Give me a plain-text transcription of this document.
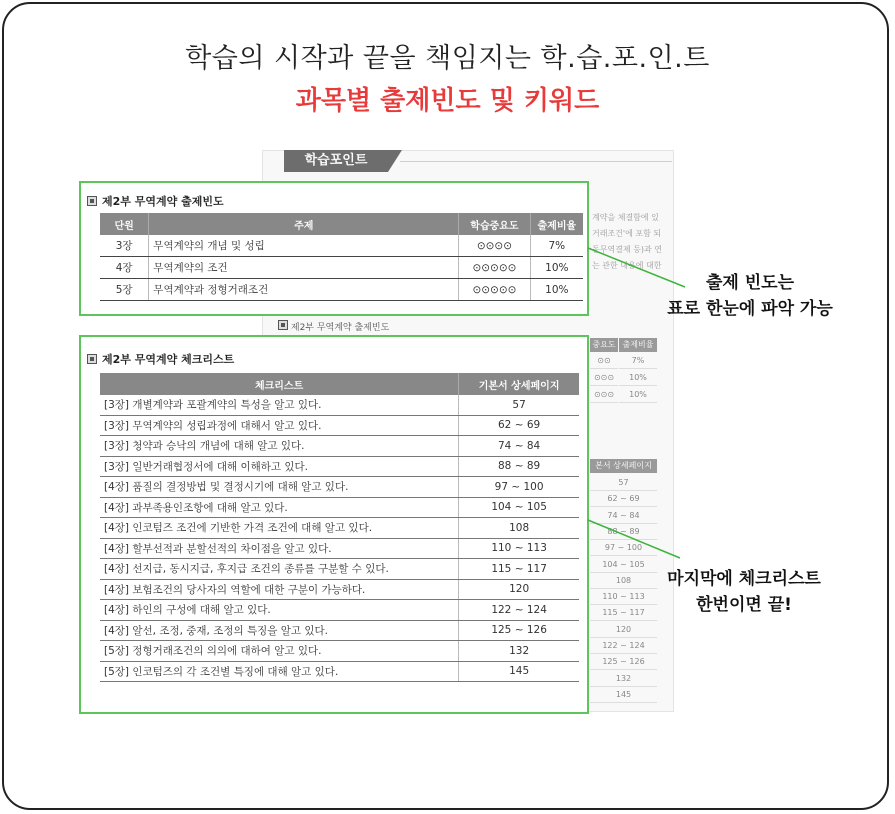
학습의 시작과 끝을 책임지는 학.습.포.인.트
과목별 출제빈도 및 키워드
학습포인트
계약을 체결함에 있
거래조건'에 포함 되
동무역결제 등)과 연
는 관한 내용에 대한
제2부 무역계약 출제빈도
중요도 출제비율
⊙⊙	7%
⊙⊙⊙	10%
⊙⊙⊙	10%
본서 상세페이지
57
62 ~ 69
74 ~ 84
88 ~ 89
97 ~ 100
104 ~ 105
108
110 ~ 113
115 ~ 117
120
122 ~ 124
125 ~ 126
132
145
제2부 무역계약 출제빈도
단원	주제	학습중요도	출제비율
3장	무역계약의 개념 및 성립	⊙⊙⊙⊙	7%
4장	무역계약의 조건	⊙⊙⊙⊙⊙	10%
5장	무역계약과 정형거래조건	⊙⊙⊙⊙⊙	10%
제2부 무역계약 체크리스트
체크리스트	기본서 상세페이지
[3장] 개별계약과 포괄계약의 특성을 알고 있다.	57
[3장] 무역계약의 성립과정에 대해서 알고 있다.	62 ~ 69
[3장] 청약과 승낙의 개념에 대해 알고 있다.	74 ~ 84
[3장] 일반거래협정서에 대해 이해하고 있다.	88 ~ 89
[4장] 품질의 결정방법 및 결정시기에 대해 알고 있다.	97 ~ 100
[4장] 과부족용인조항에 대해 알고 있다.	104 ~ 105
[4장] 인코텀즈 조건에 기반한 가격 조건에 대해 알고 있다.	108
[4장] 할부선적과 분할선적의 차이점을 알고 있다.	110 ~ 113
[4장] 선지급, 동시지급, 후지급 조건의 종류를 구분할 수 있다.	115 ~ 117
[4장] 보험조건의 당사자의 역할에 대한 구분이 가능하다.	120
[4장] 하인의 구성에 대해 알고 있다.	122 ~ 124
[4장] 알선, 조정, 중재, 조정의 특징을 알고 있다.	125 ~ 126
[5장] 정형거래조건의 의의에 대하여 알고 있다.	132
[5장] 인코텀즈의 각 조건별 특징에 대해 알고 있다.	145
출제 빈도는
표로 한눈에 파악 가능
마지막에 체크리스트
한번이면 끝!
